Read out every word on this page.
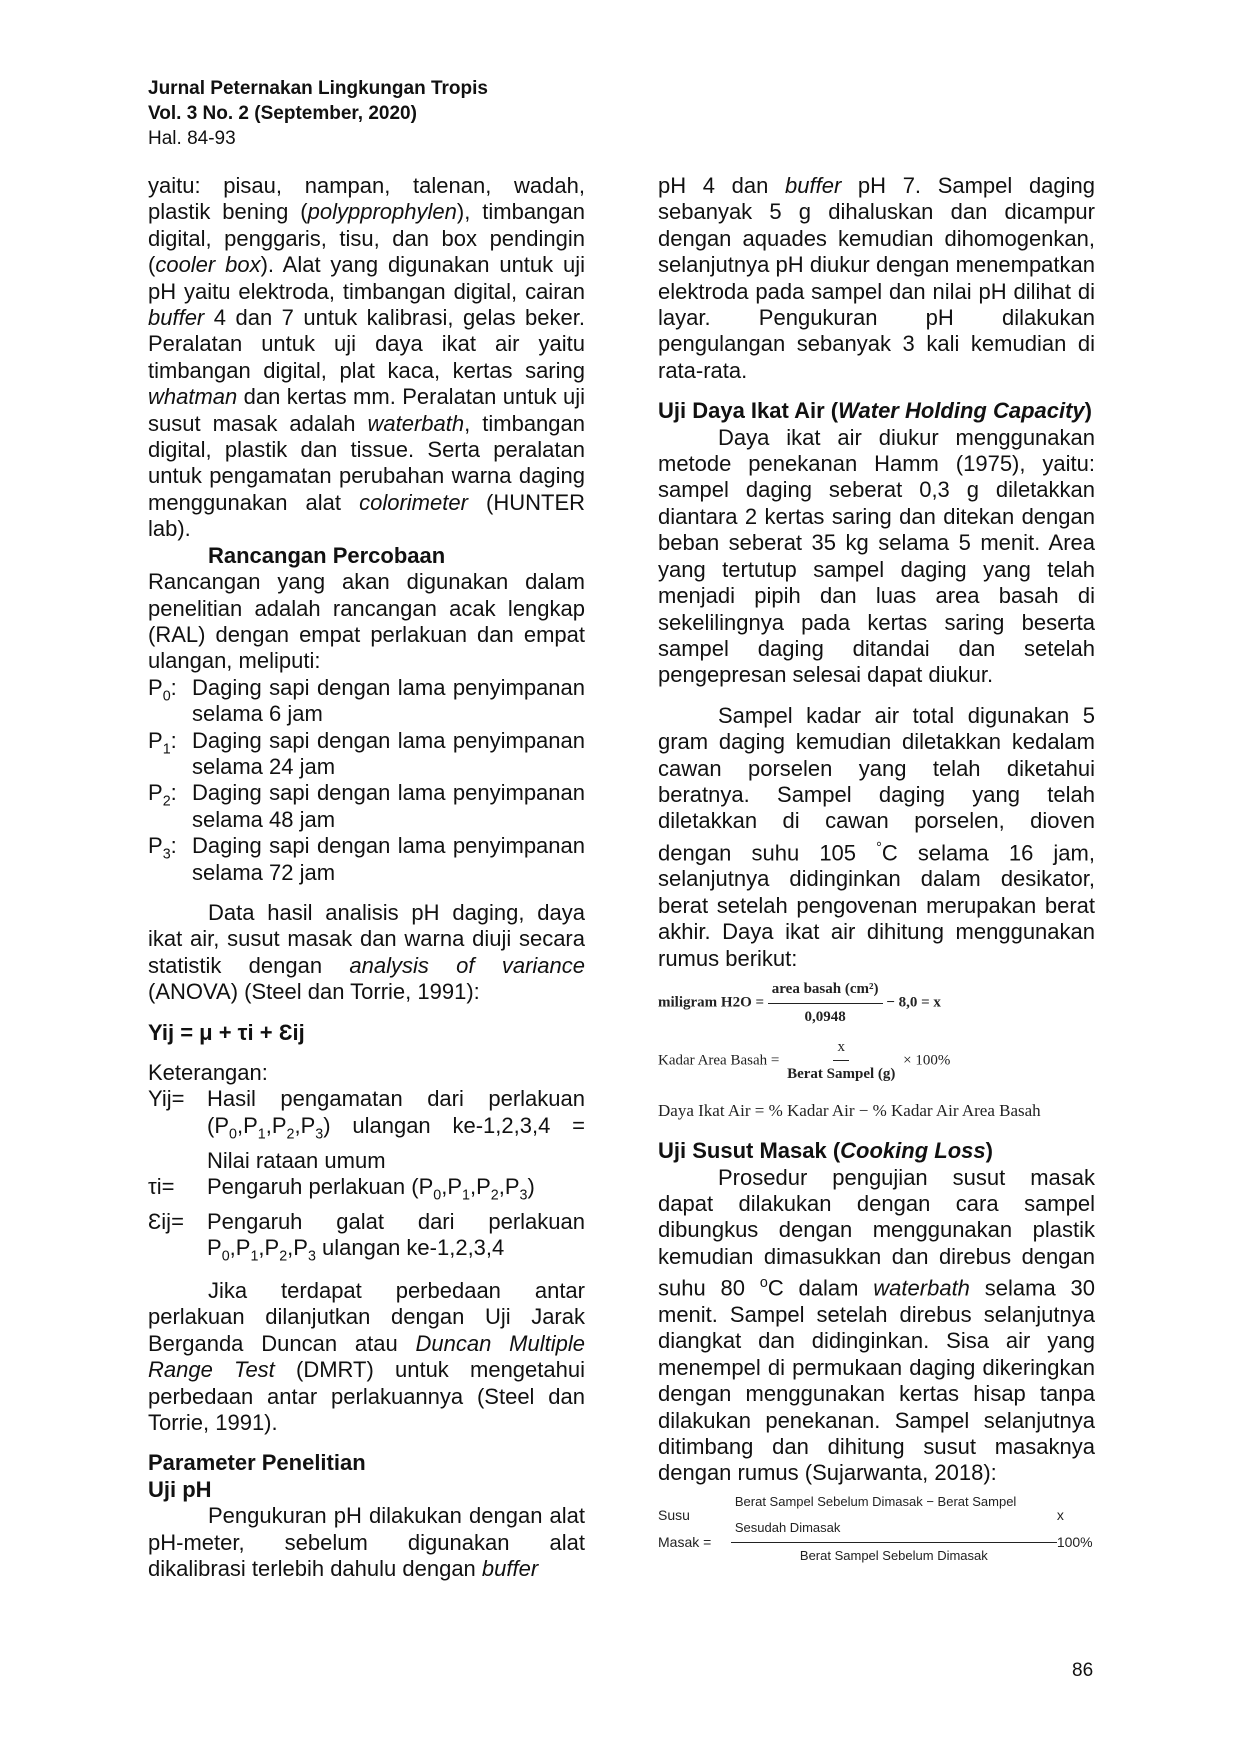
Jurnal Peternakan Lingkungan Tropis
Vol. 3 No. 2 (September, 2020)
Hal. 84-93

yaitu: pisau, nampan, talenan, wadah, plastik bening (polypprophylen), timbangan digital, penggaris, tisu, dan box pendingin (cooler box). Alat yang digunakan untuk uji pH yaitu elektroda, timbangan digital, cairan buffer 4 dan 7 untuk kalibrasi, gelas beker. Peralatan untuk uji daya ikat air yaitu timbangan digital, plat kaca, kertas saring whatman dan kertas mm. Peralatan untuk uji susut masak adalah waterbath, timbangan digital, plastik dan tissue. Serta peralatan untuk pengamatan perubahan warna daging menggunakan alat colorimeter (HUNTER lab).

Rancangan Percobaan

Rancangan yang akan digunakan dalam penelitian adalah rancangan acak lengkap (RAL) dengan empat perlakuan dan empat ulangan, meliputi:

$P_0$: Daging sapi dengan lama penyimpanan selama 6 jam
$P_1$: Daging sapi dengan lama penyimpanan selama 24 jam
$P_2$: Daging sapi dengan lama penyimpanan selama 48 jam
$P_3$: Daging sapi dengan lama penyimpanan selama 72 jam

Data hasil analisis pH daging, daya ikat air, susut masak dan warna diuji secara statistik dengan analysis of variance (ANOVA) (Steel dan Torrie, 1991):

Yij = μ + τi + Ɛij

Keterangan:

Yij=	Hasil pengamatan dari perlakuan $(P_0,P_1,P_2,P_3)$ ulangan ke-1,2,3,4 = Nilai rataan umum
τi=	Pengaruh perlakuan $(P_0,P_1,P_2,P_3)$
Ɛij=	Pengaruh galat dari perlakuan $P_0,P_1,P_2,P_3$ ulangan ke-1,2,3,4

Jika terdapat perbedaan antar perlakuan dilanjutkan dengan Uji Jarak Berganda Duncan atau Duncan Multiple Range Test (DMRT) untuk mengetahui perbedaan antar perlakuannya (Steel dan Torrie, 1991).

Parameter Penelitian

Uji pH

Pengukuran pH dilakukan dengan alat pH-meter, sebelum digunakan alat dikalibrasi terlebih dahulu dengan buffer

pH 4 dan buffer pH 7. Sampel daging sebanyak 5 g dihaluskan dan dicampur dengan aquades kemudian dihomogenkan, selanjutnya pH diukur dengan menempatkan elektroda pada sampel dan nilai pH dilihat di layar. Pengukuran pH dilakukan pengulangan sebanyak 3 kali kemudian di rata-rata.

Uji Daya Ikat Air (Water Holding Capacity)

Daya ikat air diukur menggunakan metode penekanan Hamm (1975), yaitu: sampel daging seberat 0,3 g diletakkan diantara 2 kertas saring dan ditekan dengan beban seberat 35 kg selama 5 menit. Area yang tertutup sampel daging yang telah menjadi pipih dan luas area basah di sekelilingnya pada kertas saring beserta sampel daging ditandai dan setelah pengepresan selesai dapat diukur.

Sampel kadar air total digunakan 5 gram daging kemudian diletakkan kedalam cawan porselen yang telah diketahui beratnya. Sampel daging yang telah diletakkan di cawan porselen, dioven dengan suhu 105 °C selama 16 jam, selanjutnya didinginkan dalam desikator, berat setelah pengovenan merupakan berat akhir. Daya ikat air dihitung menggunakan rumus berikut:

miligram $H2O = \frac{\text{area basah (cm²)}}{0,0948} - 8,0 = x$
Kadar Area Basah = $\frac{x}{\text{Berat Sampel (g)}} \times 100\%$
Daya Ikat Air = % Kadar Air − % Kadar Air Area Basah

Uji Susut Masak (Cooking Loss)

Prosedur pengujian susut masak dapat dilakukan dengan cara sampel dibungkus dengan menggunakan plastik kemudian dimasukkan dan direbus dengan suhu 80 $^o$C dalam waterbath selama 30 menit. Sampel setelah direbus selanjutnya diangkat dan didinginkan. Sisa air yang menempel di permukaan daging dikeringkan dengan menggunakan kertas hisap tanpa dilakukan penekanan. Sampel selanjutnya ditimbang dan dihitung susut masaknya dengan rumus (Sujarwanta, 2018):

Susu Masak =	$\frac{\text{Berat Sampel Sebelum Dimasak − Berat Sampel Sesudah Dimasak}}{\text{Berat Sampel Sebelum Dimasak}}$ x 100%
86
